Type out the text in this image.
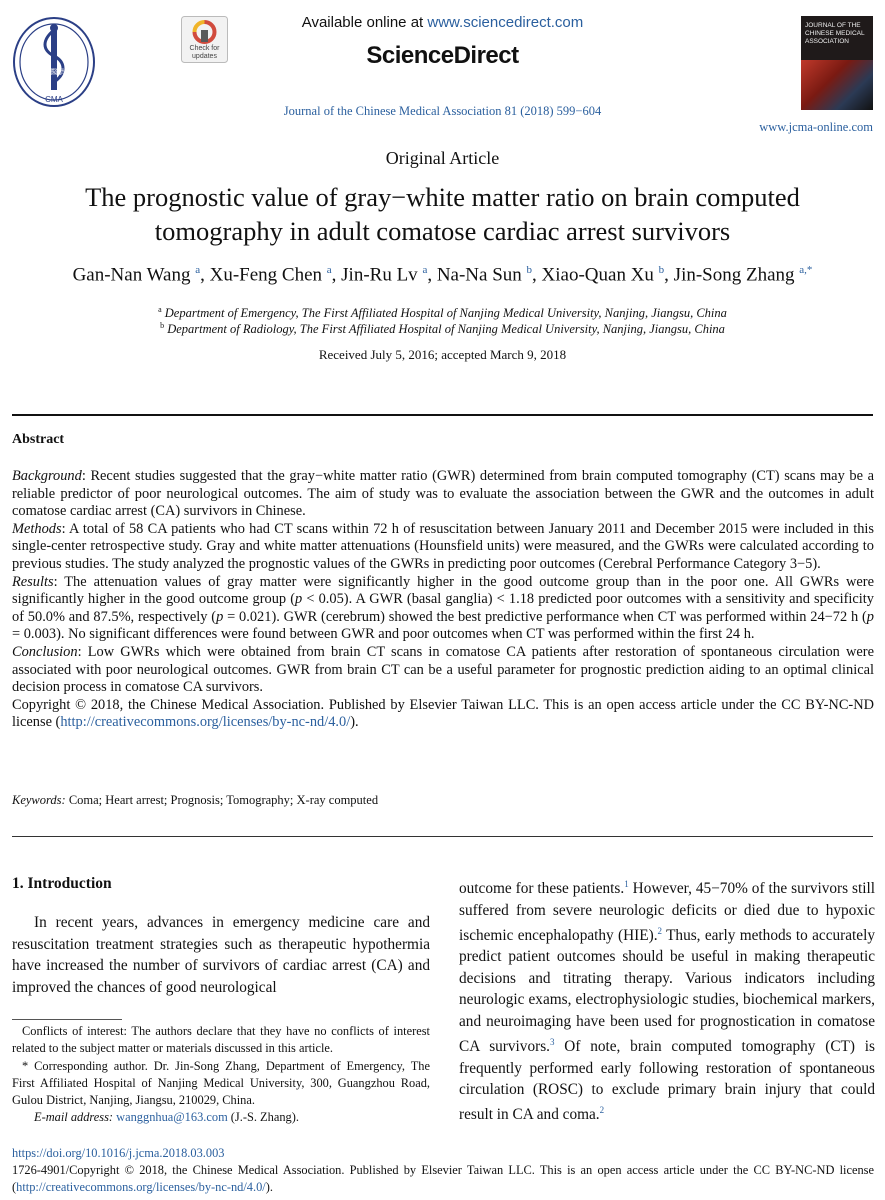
中華醫學會
CMA
Check for updates
Available online at www.sciencedirect.com
ScienceDirect
Journal of the Chinese Medical Association 81 (2018) 599−604
JOURNAL OF THE CHINESE MEDICAL ASSOCIATION
www.jcma-online.com
Original Article
The prognostic value of gray−white matter ratio on brain computed tomography in adult comatose cardiac arrest survivors
Gan-Nan Wang $^a$, Xu-Feng Chen $^a$, Jin-Ru Lv $^a$, Na-Na Sun $^b$, Xiao-Quan Xu $^b$, Jin-Song Zhang $^{a,*}$
$^a$ Department of Emergency, The First Affiliated Hospital of Nanjing Medical University, Nanjing, Jiangsu, China
$^b$ Department of Radiology, The First Affiliated Hospital of Nanjing Medical University, Nanjing, Jiangsu, China
Received July 5, 2016; accepted March 9, 2018
Abstract

Background: Recent studies suggested that the gray−white matter ratio (GWR) determined from brain computed tomography (CT) scans may be a reliable predictor of poor neurological outcomes. The aim of study was to evaluate the association between the GWR and the outcomes in adult comatose cardiac arrest (CA) survivors in Chinese.

Methods: A total of 58 CA patients who had CT scans within 72 h of resuscitation between January 2011 and December 2015 were included in this single-center retrospective study. Gray and white matter attenuations (Hounsfield units) were measured, and the GWRs were calculated according to previous studies. The study analyzed the prognostic values of the GWRs in predicting poor outcomes (Cerebral Performance Category 3−5).

Results: The attenuation values of gray matter were significantly higher in the good outcome group than in the poor one. All GWRs were significantly higher in the good outcome group (p < 0.05). A GWR (basal ganglia) < 1.18 predicted poor outcomes with a sensitivity and specificity of 50.0% and 87.5%, respectively (p = 0.021). GWR (cerebrum) showed the best predictive performance when CT was performed within 24−72 h (p = 0.003). No significant differences were found between GWR and poor outcomes when CT was performed within the first 24 h.

Conclusion: Low GWRs which were obtained from brain CT scans in comatose CA patients after restoration of spontaneous circulation were associated with poor neurological outcomes. GWR from brain CT can be a useful parameter for prognostic prediction aiding to an optimal clinical decision process in comatose CA survivors.

Copyright © 2018, the Chinese Medical Association. Published by Elsevier Taiwan LLC. This is an open access article under the CC BY-NC-ND license (http://creativecommons.org/licenses/by-nc-nd/4.0/).

Keywords: Coma; Heart arrest; Prognosis; Tomography; X-ray computed
1. Introduction
In recent years, advances in emergency medicine care and resuscitation treatment strategies such as therapeutic hypothermia have increased the number of survivors of cardiac arrest (CA) and improved the chances of good neurological

Conflicts of interest: The authors declare that they have no conflicts of interest related to the subject matter or materials discussed in this article.

* Corresponding author. Dr. Jin-Song Zhang, Department of Emergency, The First Affiliated Hospital of Nanjing Medical University, 300, Guangzhou Road, Gulou District, Nanjing, Jiangsu, 210029, China.

E-mail address: wanggnhua@163.com (J.-S. Zhang).

outcome for these patients.$^1$ However, 45−70% of the survivors still suffered from severe neurologic deficits or died due to hypoxic ischemic encephalopathy (HIE).$^2$ Thus, early methods to accurately predict patient outcomes should be useful in making therapeutic decisions and titrating therapy. Various indicators including neurologic exams, electrophysiologic studies, biochemical markers, and neuroimaging have been used for prognostication in comatose CA survivors.$^3$ Of note, brain computed tomography (CT) is frequently performed early following restoration of spontaneous circulation (ROSC) to exclude primary brain injury that could result in CA and coma.$^2$
https://doi.org/10.1016/j.jcma.2018.03.003
1726-4901/Copyright © 2018, the Chinese Medical Association. Published by Elsevier Taiwan LLC. This is an open access article under the CC BY-NC-ND license (http://creativecommons.org/licenses/by-nc-nd/4.0/).
